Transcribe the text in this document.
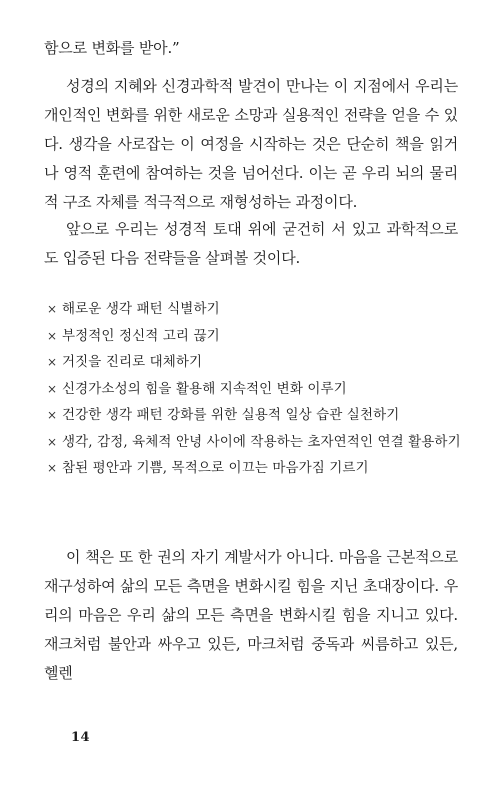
함으로 변화를 받아.”

성경의 지혜와 신경과학적 발견이 만나는 이 지점에서 우리는 개인적인 변화를 위한 새로운 소망과 실용적인 전략을 얻을 수 있다. 생각을 사로잡는 이 여정을 시작하는 것은 단순히 책을 읽거나 영적 훈련에 참여하는 것을 넘어선다. 이는 곧 우리 뇌의 물리적 구조 자체를 적극적으로 재형성하는 과정이다.

앞으로 우리는 성경적 토대 위에 굳건히 서 있고 과학적으로도 입증된 다음 전략들을 살펴볼 것이다.

× 해로운 생각 패턴 식별하기
× 부정적인 정신적 고리 끊기
× 거짓을 진리로 대체하기
× 신경가소성의 힘을 활용해 지속적인 변화 이루기
× 건강한 생각 패턴 강화를 위한 실용적 일상 습관 실천하기
× 생각, 감정, 육체적 안녕 사이에 작용하는 초자연적인 연결 활용하기
× 참된 평안과 기쁨, 목적으로 이끄는 마음가짐 기르기

이 책은 또 한 권의 자기 계발서가 아니다. 마음을 근본적으로 재구성하여 삶의 모든 측면을 변화시킬 힘을 지닌 초대장이다. 우리의 마음은 우리 삶의 모든 측면을 변화시킬 힘을 지니고 있다. 재크처럼 불안과 싸우고 있든, 마크처럼 중독과 씨름하고 있든, 헬렌

14
